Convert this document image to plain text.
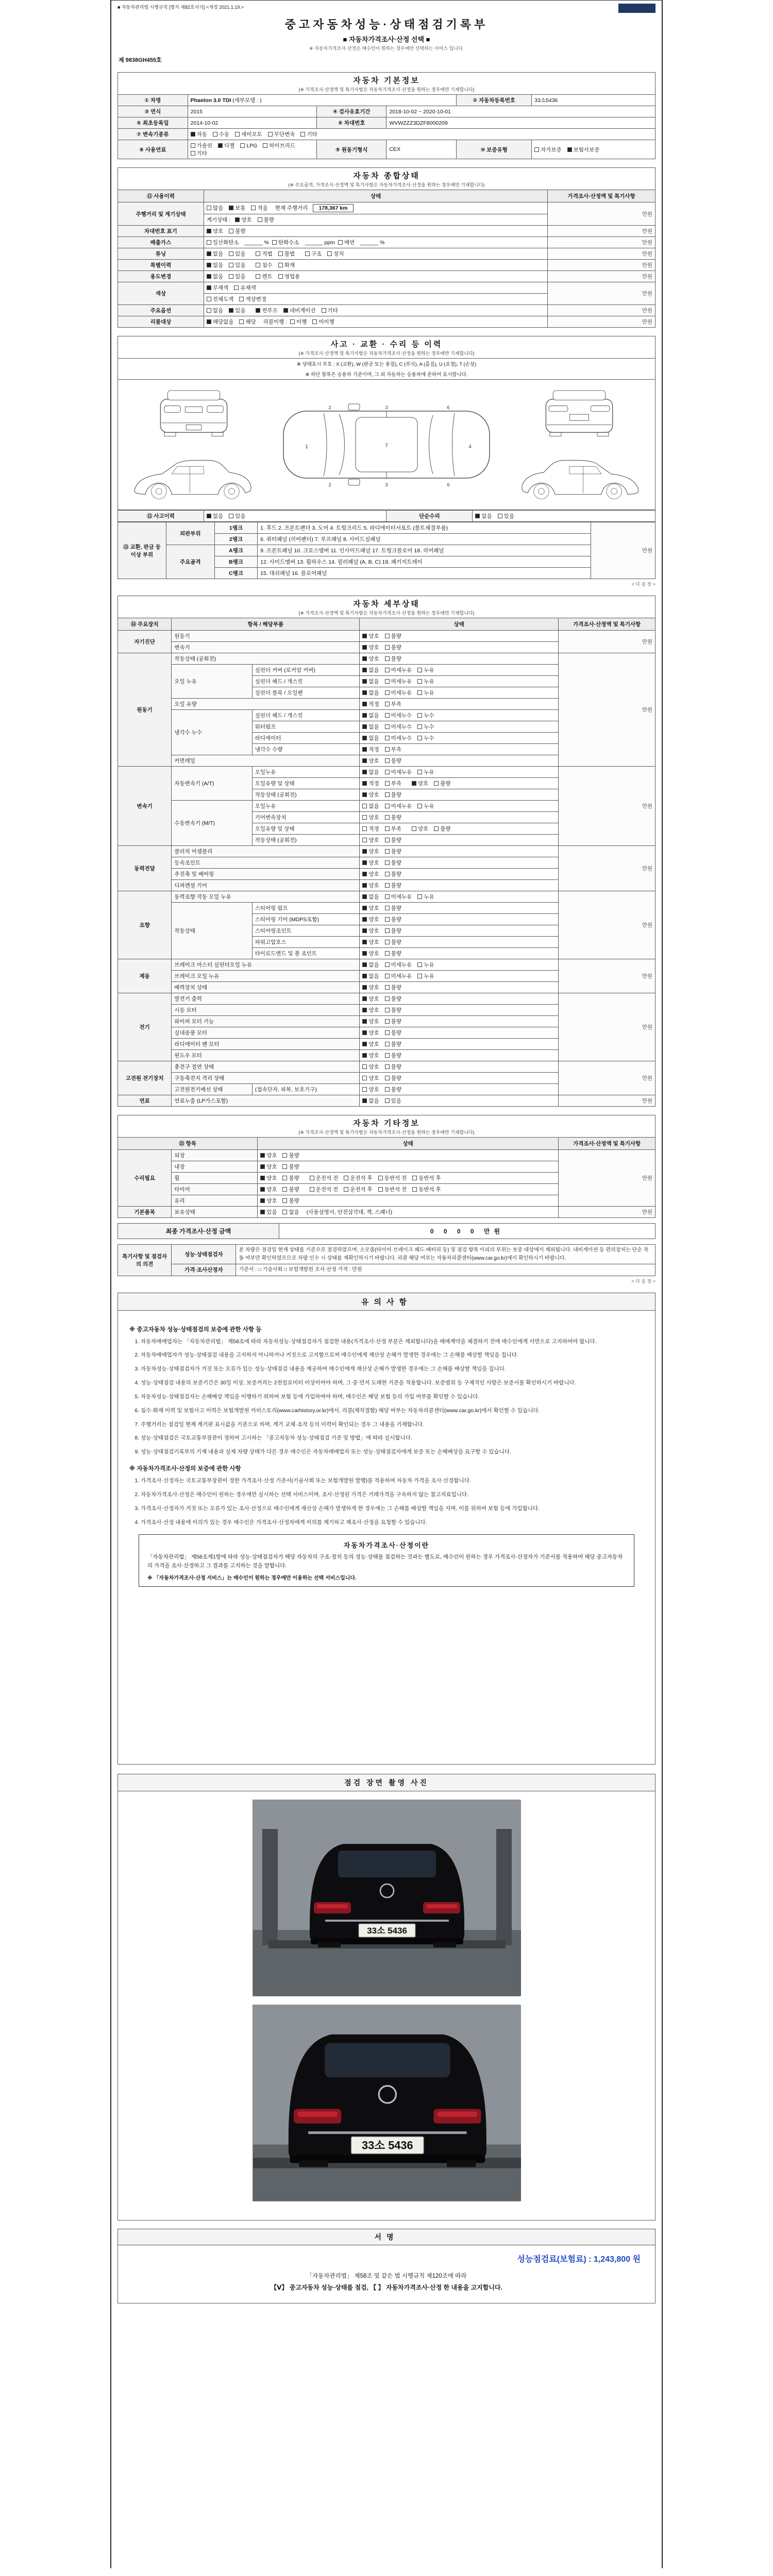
■ 자동차관리법 시행규칙 [별지 제82호서식] <개정 2021.1.19.>
중고자동차성능·상태점검기록부
■ 자동차가격조사·산정 선택 ■
※ 자동차가격조사·산정은 매수인이 원하는 경우에만 선택하는 서비스 입니다.
제 9838GH455호
자동차 기본정보
(※ 가격조사·산정액 및 특기사항은 자동차가격조사·산정을 원하는 경우에만 기재합니다)
① 차명	Phaeton 3.0 TDI (세부모델 : )			② 자동차등록번호	33소5436
③ 연식	2015	④ 검사유효기간	2018-10-02 ~ 2020-10-01		
⑤ 최초등록일	2014-10-02	⑥ 차대번호	WVWZZZ3DZF8000209		
⑦ 변속기종류	자동 수동 세미오토 무단변속 기타				
⑧ 사용연료	가솔린 디젤 LPG 하이브리드기타	⑨ 원동기형식	CEX	⑩ 보증유형	자가보증 보험사보증
자동차 종합상태
(※ 주요골격, 가격조사·산정액 및 특기사항은 자동차가격조사·산정을 원하는 경우에만 기재합니다)
⑪ 사용이력	상태	가격조사·산정액 및 특기사항
주행거리 및 계기상태	많음 보통 적음 현재 주행거리 178,367 km	만원
	계기상태 : 양호 불량	
차대번호 표기	양호 불량	만원
배출가스	일산화탄소 ______ % 탄화수소 ______ ppm 매연 ______ %	만원
튜닝	없음 있음 적법 불법 구조 장치	만원
특별이력	없음 있음 침수 화재	만원
용도변경	없음 있음 렌트 영업용	만원
색상	무채색 유채색	만원
	전체도색 색상변경	
주요옵션	없음 있음 썬루프 네비게이션 기타	만원
리콜대상	해당없음 해당 리콜이행 : 이행 미이행	만원
사고 · 교환 · 수리 등 이력
(※ 가격조사·산정액 및 특기사항은 자동차가격조사·산정을 원하는 경우에만 기재합니다)
※ 상태표시 부호 : X (교환), W (판금 또는 용접), C (부식), A (흠집), U (요철), T (손상)
※ 하단 항목은 승용차 기준이며, 그 외 자동차는 승용차에 준하여 표시합니다.
1	7	4
3
3
6
6
2
2
⑫ 사고이력	없음 있음	단순수리	없음 있음
⑬ 교환, 판금 등 이상 부위	외판부위	1랭크	1. 후드 2. 프론트펜더 3. 도어 4. 트렁크리드 5. 라디에이터서포트 (볼트체결부품)	만원
		2랭크	6. 쿼터패널 (리어펜더) 7. 루프패널 8. 사이드실패널	
	주요골격	A랭크	9. 프론트패널 10. 크로스멤버 11. 인사이드패널 17. 트렁크플로어 18. 리어패널	
		B랭크	12. 사이드멤버 13. 휠하우스 14. 필러패널 (A, B, C) 19. 패키지트레이	
		C랭크	15. 대쉬패널 16. 플로어패널	
< 다 음 장 >
자동차 세부상태
(※ 가격조사·산정액 및 특기사항은 자동차가격조사·산정을 원하는 경우에만 기재합니다)
⑭ 주요장치	항목 / 해당부품		상태	가격조사·산정액 및 특기사항
자기진단	원동기		양호 불량	만원
	변속기		양호 불량	
원동기	작동상태 (공회전)		양호 불량	만원
	오일 누유	실린더 커버 (로커암 커버)	없음 미세누유 누유	
		실린더 헤드 / 개스킷	없음 미세누유 누유	
		실린더 블록 / 오일팬	없음 미세누유 누유	
	오일 유량		적정 부족	
	냉각수 누수	실린더 헤드 / 개스킷	없음 미세누수 누수	
		워터펌프	없음 미세누수 누수	
		라디에이터	없음 미세누수 누수	
		냉각수 수량	적정 부족	
	커먼레일		양호 불량	
변속기	자동변속기 (A/T)	오일누유	없음 미세누유 누유	만원
		오일유량 및 상태	적정 부족 양호 불량	
		작동상태 (공회전)	양호 불량	
	수동변속기 (M/T)	오일누유	없음 미세누유 누유	
		기어변속장치	양호 불량	
		오일유량 및 상태	적정 부족 양호 불량	
		작동상태 (공회전)	양호 불량	
동력전달	클러치 어셈블리		양호 불량	만원
	등속조인트		양호 불량	
	추진축 및 베어링		양호 불량	
	디퍼렌셜 기어		양호 불량	
조향	동력조향 작동 오일 누유		없음 미세누유 누유	만원
	작동상태	스티어링 펌프	양호 불량	
		스티어링 기어 (MDPS포함)	양호 불량	
		스티어링조인트	양호 불량	
		파워고압호스	양호 불량	
		타이로드엔드 및 볼 조인트	양호 불량	
제동	브레이크 마스터 실린더오일 누유		없음 미세누유 누유	만원
	브레이크 오일 누유		없음 미세누유 누유	
	배력장치 상태		양호 불량	
전기	발전기 출력		양호 불량	만원
	시동 모터		양호 불량	
	와이퍼 모터 기능		양호 불량	
	실내송풍 모터		양호 불량	
	라디에이터 팬 모터		양호 불량	
	윈도우 모터		양호 불량	
고전원 전기장치	충전구 절연 상태		양호 불량	만원
	구동축전지 격리 상태		양호 불량	
	고전원전기배선 상태	(접속단자, 피복, 보호기구)	양호 불량	
연료	연료누출 (LP가스포함)		없음 있음	만원
자동차 기타정보
(※ 가격조사·산정액 및 특기사항은 자동차가격조사·산정을 원하는 경우에만 기재합니다)
⑮ 항목		상태	가격조사·산정액 및 특기사항
수리필요	외장	양호 불량	만원
	내장	양호 불량	
	휠	양호 불량 운전석 전 운전석 후 동반석 전 동반석 후	
	타이어	양호 불량 운전석 전 운전석 후 동반석 전 동반석 후	
	유리	양호 불량	
기본품목	보유상태	있음 없음 (사용설명서, 안전삼각대, 잭, 스패너)	만원
최종 가격조사·산정 금액	0 0 0 0 만원
특기사항 및 점검자의 의견	성능·상태점검자	본 차량은 점검일 현재 상태를 기준으로 점검하였으며, 소모품(타이어·브레이크 패드·배터리 등) 및 점검 항목 이외의 부위는 보증 대상에서 제외됩니다. 내비게이션 등 편의장치는 단순 작동 여부만 확인하였으므로 차량 인수 시 상태를 재확인하시기 바랍니다. 리콜 해당 여부는 자동차리콜센터(www.car.go.kr)에서 확인하시기 바랍니다.
	가격·조사산정자	기준서 : □ 기술사회 □ 보험개발원 조사·산정 가격 : 만원
< 다 음 장 >
유의사항
※ 중고자동차 성능·상태점검의 보증에 관한 사항 등
1. 자동차매매업자는 「자동차관리법」 제58조에 따라 자동차성능·상태점검자가 점검한 내용(가격조사·산정 부분은 제외합니다)을 매매계약을 체결하기 전에 매수인에게 서면으로 고지하여야 합니다.
2. 자동차매매업자가 성능·상태점검 내용을 고지하지 아니하거나 거짓으로 고지함으로써 매수인에게 재산상 손해가 발생한 경우에는 그 손해를 배상할 책임을 집니다.
3. 자동차성능·상태점검자가 거짓 또는 오류가 있는 성능·상태점검 내용을 제공하여 매수인에게 재산상 손해가 발생한 경우에는 그 손해를 배상할 책임을 집니다.
4. 성능·상태점검 내용의 보증기간은 30일 이상, 보증거리는 2천킬로미터 이상이어야 하며, 그 중 먼저 도래한 기준을 적용합니다. 보증범위 등 구체적인 사항은 보증서를 확인하시기 바랍니다.
5. 자동차성능·상태점검자는 손해배상 책임을 이행하기 위하여 보험 등에 가입하여야 하며, 매수인은 해당 보험 등의 가입 여부를 확인할 수 있습니다.
6. 침수·화재 이력 및 보험사고 이력은 보험개발원 카히스토리(www.carhistory.or.kr)에서, 리콜(제작결함) 해당 여부는 자동차리콜센터(www.car.go.kr)에서 확인할 수 있습니다.
7. 주행거리는 점검일 현재 계기판 표시값을 기준으로 하며, 계기 교체·조작 등의 이력이 확인되는 경우 그 내용을 기재합니다.
8. 성능·상태점검은 국토교통부장관이 정하여 고시하는 「중고자동차 성능·상태점검 기준 및 방법」에 따라 실시합니다.
9. 성능·상태점검기록부의 기재 내용과 실제 차량 상태가 다른 경우 매수인은 자동차매매업자 또는 성능·상태점검자에게 보증 또는 손해배상을 요구할 수 있습니다.
※ 자동차가격조사·산정의 보증에 관한 사항
1. 가격조사·산정자는 국토교통부장관이 정한 가격조사·산정 기준서(기술사회 또는 보험개발원 발행)를 적용하여 자동차 가격을 조사·산정합니다.
2. 자동차가격조사·산정은 매수인이 원하는 경우에만 실시하는 선택 서비스이며, 조사·산정된 가격은 거래가격을 구속하지 않는 참고자료입니다.
3. 가격조사·산정자가 거짓 또는 오류가 있는 조사·산정으로 매수인에게 재산상 손해가 발생하게 한 경우에는 그 손해를 배상할 책임을 지며, 이를 위하여 보험 등에 가입합니다.
4. 가격조사·산정 내용에 이의가 있는 경우 매수인은 가격조사·산정자에게 이의를 제기하고 재조사·산정을 요청할 수 있습니다.
자동차가격조사·산정이란
「자동차관리법」 제58조제1항에 따라 성능·상태점검자가 해당 자동차의 구조·장치 등의 성능·상태를 점검하는 것과는 별도로, 매수인이 원하는 경우 가격조사·산정자가 기준서를 적용하여 해당 중고자동차의 가격을 조사·산정하고 그 결과를 고지하는 것을 말합니다.
※ 「자동차가격조사·산정 서비스」는 매수인이 원하는 경우에만 이용하는 선택 서비스입니다.
점검 장면 촬영 사진
33소 5436
서명
성능점검료(보험료) : 1,243,800 원
「자동차관리법」 제58조 및 같은 법 시행규칙 제120조에 따라
【Ⅴ】 중고자동차 성능·상태를 점검, 【 】 자동차가격조사·산정 한 내용을 고지합니다.
